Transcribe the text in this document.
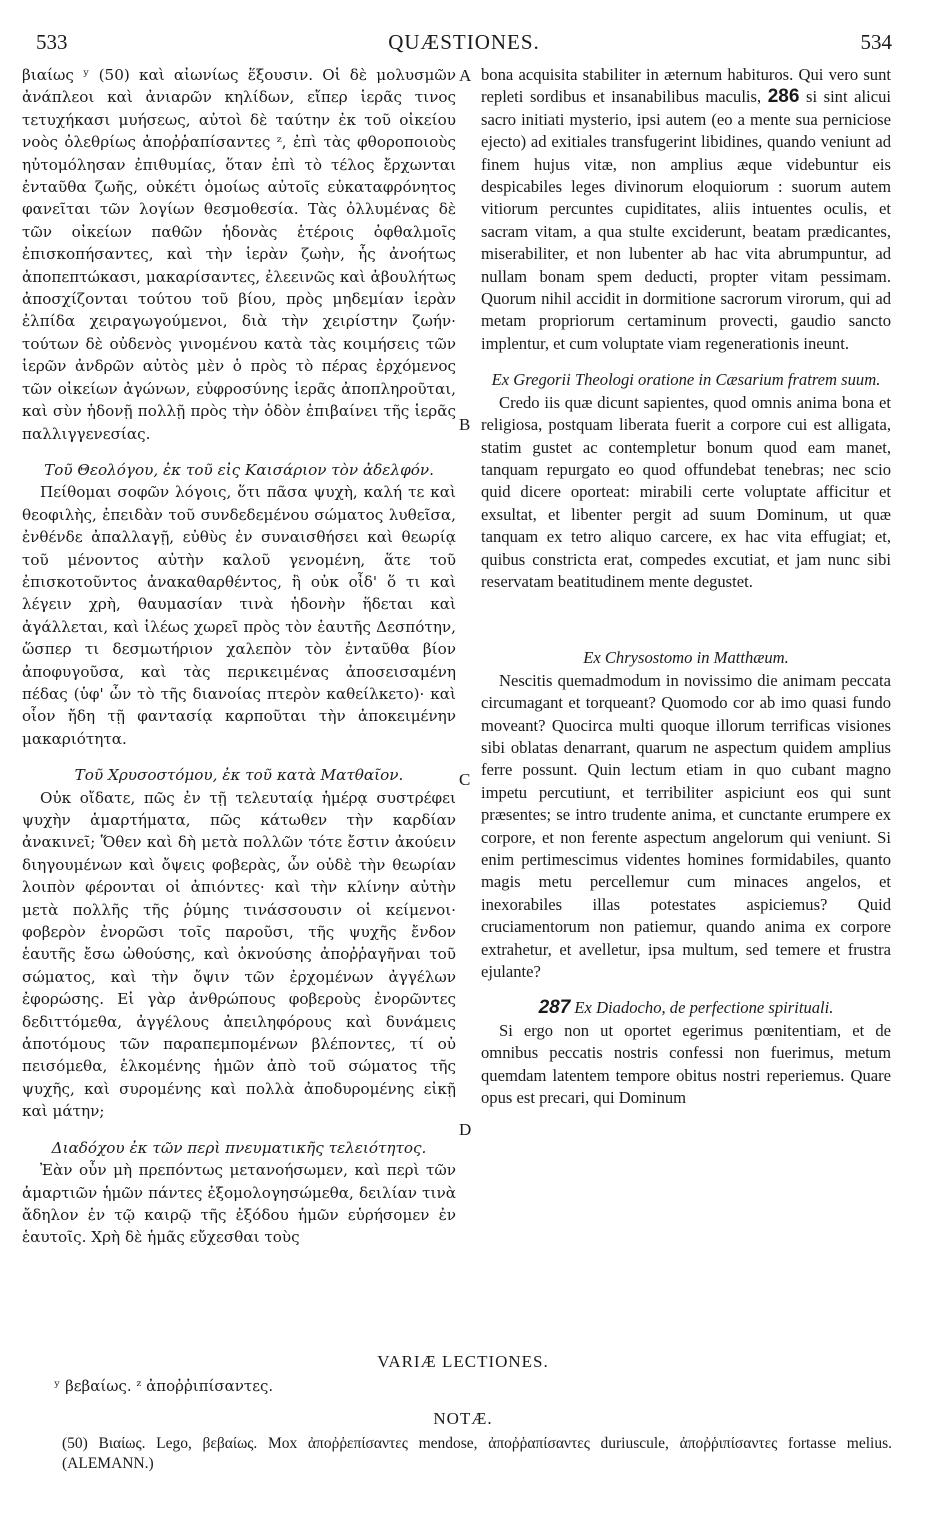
533	QUÆSTIONES.	534

βιαίως ʸ (50) καὶ αἰωνίως ἕξουσιν. Οἱ δὲ μολυσμῶν ἀνάπλεοι καὶ ἀνιαρῶν κηλίδων, εἴπερ ἱερᾶς τινος τετυχήκασι μυήσεως, αὐτοὶ δὲ ταύτην ἐκ τοῦ οἰκείου νοὸς ὀλεθρίως ἀποῤῥαπίσαντες ᶻ, ἐπὶ τὰς φθοροποιοὺς ηὐτομόλησαν ἐπιθυμίας, ὅταν ἐπὶ τὸ τέλος ἔρχωνται ἐνταῦθα ζωῆς, οὐκέτι ὁμοίως αὐτοῖς εὐκαταφρόνητος φανεῖται τῶν λογίων θεσμοθεσία. Τὰς ὀλλυμένας δὲ τῶν οἰκείων παθῶν ἡδονὰς ἑτέροις ὀφθαλμοῖς ἐπισκοπήσαντες, καὶ τὴν ἱερὰν ζωὴν, ἧς ἀνοήτως ἀποπεπτώκασι, μακαρίσαντες, ἐλεεινῶς καὶ ἀβουλήτως ἀποσχίζονται τούτου τοῦ βίου, πρὸς μηδεμίαν ἱερὰν ἐλπίδα χειραγωγούμενοι, διὰ τὴν χειρίστην ζωήν· τούτων δὲ οὐδενὸς γινομένου κατὰ τὰς κοιμήσεις τῶν ἱερῶν ἀνδρῶν αὐτὸς μὲν ὁ πρὸς τὸ πέρας ἐρχόμενος τῶν οἰκείων ἀγώνων, εὐφροσύνης ἱερᾶς ἀποπληροῦται, καὶ σὺν ἡδονῇ πολλῇ πρὸς τὴν ὁδὸν ἐπιβαίνει τῆς ἱερᾶς παλλιγγενεσίας.

Τοῦ Θεολόγου, ἐκ τοῦ εἰς Καισάριον τὸν ἀδελφόν.

Πείθομαι σοφῶν λόγοις, ὅτι πᾶσα ψυχὴ, καλή τε καὶ θεοφιλὴς, ἐπειδὰν τοῦ συνδεδεμένου σώματος λυθεῖσα, ἐνθένδε ἀπαλλαγῇ, εὐθὺς ἐν συναισθήσει καὶ θεωρίᾳ τοῦ μένοντος αὐτὴν καλοῦ γενομένη, ἅτε τοῦ ἐπισκοτοῦντος ἀνακαθαρθέντος, ἢ οὐκ οἶδ' ὅ τι καὶ λέγειν χρὴ, θαυμασίαν τινὰ ἡδονὴν ἥδεται καὶ ἀγάλλεται, καὶ ἱλέως χωρεῖ πρὸς τὸν ἑαυτῆς Δεσπότην, ὥσπερ τι δεσμωτήριον χαλεπὸν τὸν ἐνταῦθα βίον ἀποφυγοῦσα, καὶ τὰς περικειμένας ἀποσεισαμένη πέδας (ὑφ' ὧν τὸ τῆς διανοίας πτερὸν καθείλκετο)· καὶ οἷον ἤδη τῇ φαντασίᾳ καρποῦται τὴν ἀποκειμένην μακαριότητα.

Τοῦ Χρυσοστόμου, ἐκ τοῦ κατὰ Ματθαῖον.

Οὐκ οἴδατε, πῶς ἐν τῇ τελευταίᾳ ἡμέρᾳ συστρέφει ψυχὴν ἁμαρτήματα, πῶς κάτωθεν τὴν καρδίαν ἀνακινεῖ; Ὅθεν καὶ δὴ μετὰ πολλῶν τότε ἔστιν ἀκούειν διηγουμένων καὶ ὄψεις φοβερὰς, ὧν οὐδὲ τὴν θεωρίαν λοιπὸν φέρονται οἱ ἀπιόντες· καὶ τὴν κλίνην αὐτὴν μετὰ πολλῆς τῆς ῥύμης τινάσσουσιν οἱ κείμενοι· φοβερὸν ἐνορῶσι τοῖς παροῦσι, τῆς ψυχῆς ἔνδον ἑαυτῆς ἔσω ὠθούσης, καὶ ὀκνούσης ἀποῤῥαγῆναι τοῦ σώματος, καὶ τὴν ὄψιν τῶν ἐρχομένων ἀγγέλων ἐφορώσης. Εἰ γὰρ ἀνθρώπους φοβεροὺς ἐνορῶντες δεδιττόμεθα, ἀγγέλους ἀπειληφόρους καὶ δυνάμεις ἀποτόμους τῶν παραπεμπομένων βλέποντες, τί οὐ πεισόμεθα, ἑλκομένης ἡμῶν ἀπὸ τοῦ σώματος τῆς ψυχῆς, καὶ συρομένης καὶ πολλὰ ἀποδυρομένης εἰκῇ καὶ μάτην;

Διαδόχου ἐκ τῶν περὶ πνευματικῆς τελειότητος.

Ἐὰν οὖν μὴ πρεπόντως μετανοήσωμεν, καὶ περὶ τῶν ἁμαρτιῶν ἡμῶν πάντες ἐξομολογησώμεθα, δειλίαν τινὰ ἄδηλον ἐν τῷ καιρῷ τῆς ἐξόδου ἡμῶν εὑρήσομεν ἐν ἑαυτοῖς. Χρὴ δὲ ἡμᾶς εὔχεσθαι τοὺς

A
B
C
D

bona acquisita stabiliter in æternum habituros. Qui vero sunt repleti sordibus et insanabilibus maculis, 286 si sint alicui sacro initiati mysterio, ipsi autem (eo a mente sua perniciose ejecto) ad exitiales transfugerint libidines, quando veniunt ad finem hujus vitæ, non amplius æque videbuntur eis despicabiles leges divinorum eloquiorum : suorum autem vitiorum percuntes cupiditates, aliis intuentes oculis, et sacram vitam, a qua stulte exciderunt, beatam prædicantes, miserabiliter, et non lubenter ab hac vita abrumpuntur, ad nullam bonam spem deducti, propter vitam pessimam. Quorum nihil accidit in dormitione sacrorum virorum, qui ad metam propriorum certaminum provecti, gaudio sancto implentur, et cum voluptate viam regenerationis ineunt.

Ex Gregorii Theologi oratione in Cæsarium fratrem suum.

Credo iis quæ dicunt sapientes, quod omnis anima bona et religiosa, postquam liberata fuerit a corpore cui est alligata, statim gustet ac contempletur bonum quod eam manet, tanquam repurgato eo quod offundebat tenebras; nec scio quid dicere oporteat: mirabili certe voluptate afficitur et exsultat, et libenter pergit ad suum Dominum, ut quæ tanquam ex tetro aliquo carcere, ex hac vita effugiat; et, quibus constricta erat, compedes excutiat, et jam nunc sibi reservatam beatitudinem mente degustet.

Ex Chrysostomo in Matthæum.

Nescitis quemadmodum in novissimo die animam peccata circumagant et torqueant? Quomodo cor ab imo quasi fundo moveant? Quocirca multi quoque illorum terrificas visiones sibi oblatas denarrant, quarum ne aspectum quidem amplius ferre possunt. Quin lectum etiam in quo cubant magno impetu percutiunt, et terribiliter aspiciunt eos qui sunt præsentes; se intro trudente anima, et cunctante erumpere ex corpore, et non ferente aspectum angelorum qui veniunt. Si enim pertimescimus videntes homines formidabiles, quanto magis metu percellemur cum minaces angelos, et inexorabiles illas potestates aspiciemus? Quid cruciamentorum non patiemur, quando anima ex corpore extrahetur, et avelletur, ipsa multum, sed temere et frustra ejulante?

287 Ex Diadocho, de perfectione spirituali.

Si ergo non ut oportet egerimus pœnitentiam, et de omnibus peccatis nostris confessi non fuerimus, metum quemdam latentem tempore obitus nostri reperiemus. Quare opus est precari, qui Dominum

VARIÆ LECTIONES.
ʸ βεβαίως. ᶻ ἀποῤῥιπίσαντες.
NOTÆ.
(50) Βιαίως. Lego, βεβαίως. Mox ἀποῤῥεπίσαντες mendose, ἀποῤῥαπίσαντες duriuscule, ἀποῤῥιπίσαντες fortasse melius. (ALEMANN.)
